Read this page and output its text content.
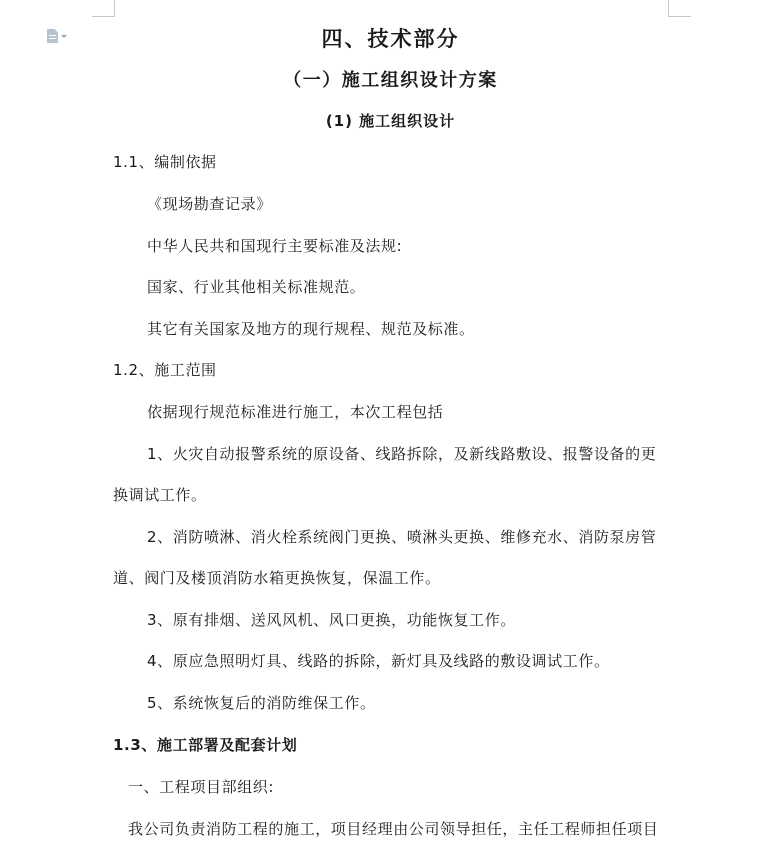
四、技术部分
（一）施工组织设计方案
(1) 施工组织设计
1.1、编制依据
《现场勘查记录》
中华人民共和国现行主要标准及法规:
国家、行业其他相关标准规范。
其它有关国家及地方的现行规程、规范及标准。
1.2、施工范围
依据现行规范标准进行施工，本次工程包括
1、火灾自动报警系统的原设备、线路拆除，及新线路敷设、报警设备的更
换调试工作。
2、消防喷淋、消火栓系统阀门更换、喷淋头更换、维修充水、消防泵房管
道、阀门及楼顶消防水箱更换恢复，保温工作。
3、原有排烟、送风风机、风口更换，功能恢复工作。
4、原应急照明灯具、线路的拆除，新灯具及线路的敷设调试工作。
5、系统恢复后的消防维保工作。
1.3、施工部署及配套计划
一、工程项目部组织:
我公司负责消防工程的施工，项目经理由公司领导担任，主任工程师担任项目
